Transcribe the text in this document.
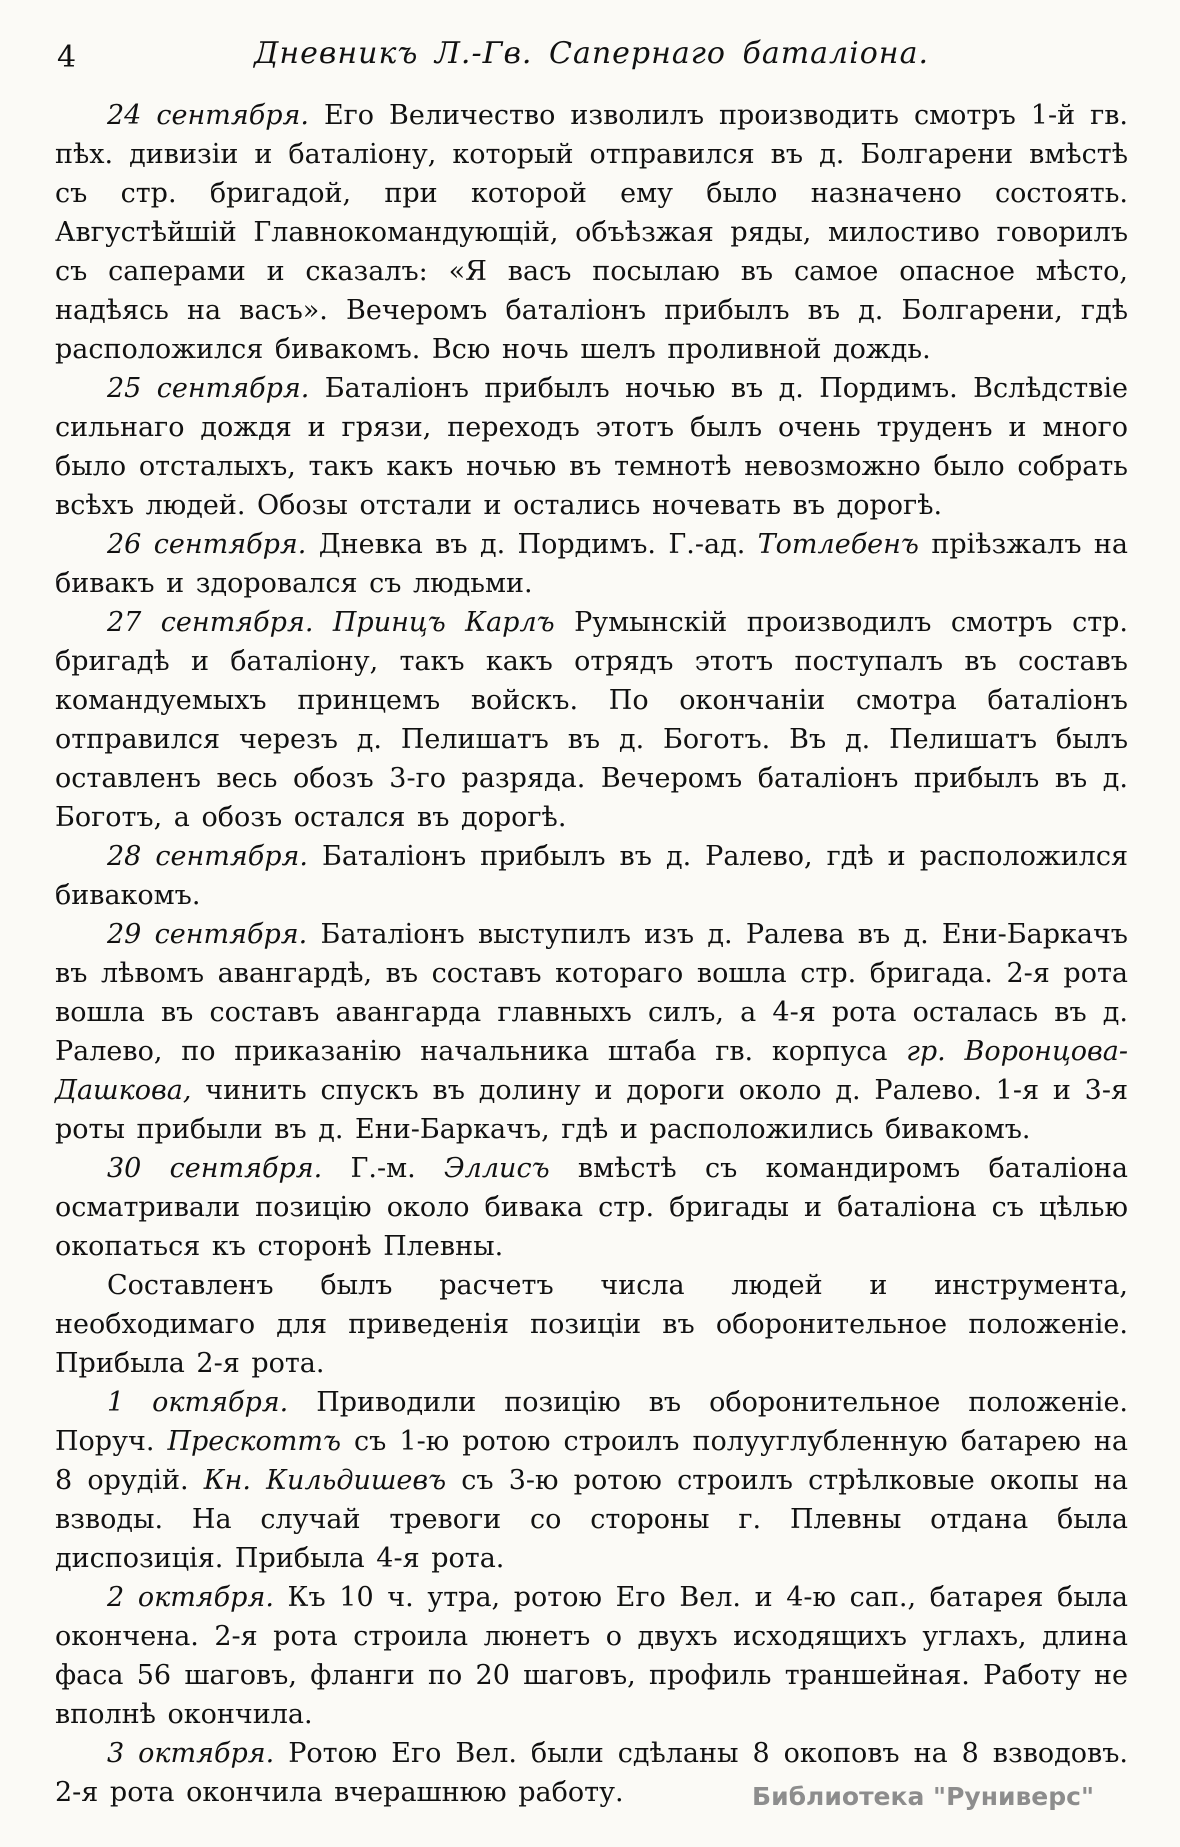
4	Дневникъ Л.-Гв. Сапернаго баталіона.

24 сентября. Его Величество изволилъ производить смотръ 1-й гв. пѣх. дивизіи и баталіону, который отправился въ д. Болгарени вмѣстѣ съ стр. бригадой, при которой ему было назначено состоять. Августѣйшій Главнокомандующій, объѣзжая ряды, милостиво говорилъ съ саперами и сказалъ: «Я васъ посылаю въ самое опасное мѣсто, надѣясь на васъ». Вечеромъ баталіонъ прибылъ въ д. Болгарени, гдѣ расположился бивакомъ. Всю ночь шелъ проливной дождь.

25 сентября. Баталіонъ прибылъ ночью въ д. Пордимъ. Вслѣдствіе сильнаго дождя и грязи, переходъ этотъ былъ очень труденъ и много было отсталыхъ, такъ какъ ночью въ темнотѣ невозможно было собрать всѣхъ людей. Обозы отстали и остались ночевать въ дорогѣ.

26 сентября. Дневка въ д. Пордимъ. Г.-ад. Тотлебенъ пріѣзжалъ на бивакъ и здоровался съ людьми.

27 сентября. Принцъ Карлъ Румынскій производилъ смотръ стр. бригадѣ и баталіону, такъ какъ отрядъ этотъ поступалъ въ составъ командуемыхъ принцемъ войскъ. По окончаніи смотра баталіонъ отправился черезъ д. Пелишатъ въ д. Боготъ. Въ д. Пелишатъ былъ оставленъ весь обозъ 3-го разряда. Вечеромъ баталіонъ прибылъ въ д. Боготъ, а обозъ остался въ дорогѣ.

28 сентября. Баталіонъ прибылъ въ д. Ралево, гдѣ и расположился бивакомъ.

29 сентября. Баталіонъ выступилъ изъ д. Ралева въ д. Ени-Баркачъ въ лѣвомъ авангардѣ, въ составъ котораго вошла стр. бригада. 2-я рота вошла въ составъ авангарда главныхъ силъ, а 4-я рота осталась въ д. Ралево, по приказанію начальника штаба гв. корпуса гр. Воронцова-Дашкова, чинить спускъ въ долину и дороги около д. Ралево. 1-я и 3-я роты прибыли въ д. Ени-Баркачъ, гдѣ и расположились бивакомъ.

30 сентября. Г.-м. Эллисъ вмѣстѣ съ командиромъ баталіона осматривали позицію около бивака стр. бригады и баталіона съ цѣлью окопаться къ сторонѣ Плевны.

Составленъ былъ расчетъ числа людей и инструмента, необходимаго для приведенія позиціи въ оборонительное положеніе. Прибыла 2-я рота.

1 октября. Приводили позицію въ оборонительное положеніе. Поруч. Прескоттъ съ 1-ю ротою строилъ полууглубленную батарею на 8 орудій. Кн. Кильдишевъ съ 3-ю ротою строилъ стрѣлковые окопы на взводы. На случай тревоги со стороны г. Плевны отдана была диспозиція. Прибыла 4-я рота.

2 октября. Къ 10 ч. утра, ротою Его Вел. и 4-ю сап., батарея была окончена. 2-я рота строила люнетъ о двухъ исходящихъ углахъ, длина фаса 56 шаговъ, фланги по 20 шаговъ, профиль траншейная. Работу не вполнѣ окончила.

3 октября. Ротою Его Вел. были сдѣланы 8 окоповъ на 8 взводовъ. 2-я рота окончила вчерашнюю работу.	Библиотека "Руниверс"
